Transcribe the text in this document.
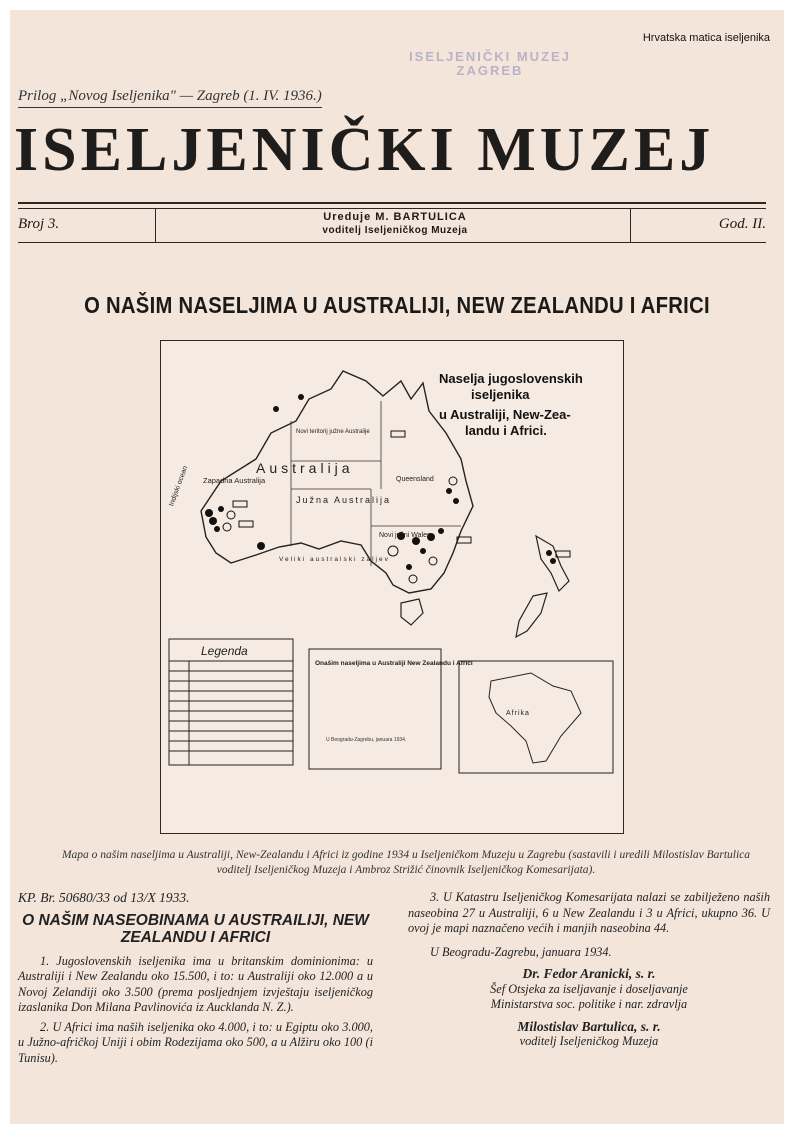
Hrvatska matica iseljenika
ISELJENIČKI MUZEJ
ZAGREB
Prilog „Novog Iseljenika" — Zagreb (1. IV. 1936.)
ISELJENIČKI MUZEJ
Broj 3.	Ureduje M. BARTULICA
voditelj Iseljeničkog Muzeja	God. II.
O NAŠIM NASELJIMA U AUSTRALIJI, NEW ZEALANDU I AFRICI
Australija
Zapadna Australija
Južna Australija
Novi teritorij južne Australije
Queensland
Novi južni Wales
Veliki australski zaljev
Indijski ocean
Naselja jugoslovenskih
iseljenika
u Australiji, New-Zea-
landu i Africi.
Legenda
Onašim naseljima u Australiji New Zealandu i Africi
U Beogradu-Zagrebu, januara 1934.
Afrika
Mapa o našim naseljima u Australiji, New-Zealandu i Africi iz godine 1934 u Iseljeničkom Muzeju u Zagrebu (sastavili i uredili Milostislav Bartulica voditelj Iseljeničkog Muzeja i Ambroz Strižić činovnik Iseljeničkog Komesarijata).
KP. Br. 50680/33 od 13/X 1933.
O NAŠIM NASEOBINAMA U AUSTRAILIJI, NEW ZEALANDU I AFRICI

1. Jugoslovenskih iseljenika ima u britanskim dominionima: u Australiji i New Zealandu oko 15.500, i to: u Australiji oko 12.000 a u Novoj Zelandiji oko 3.500 (prema posljednjem izvještaju iseljeničkog izaslanika Don Milana Pavlinovića iz Aucklanda N. Z.).

2. U Africi ima naših iseljenika oko 4.000, i to: u Egiptu oko 3.000, u Južno-afričkoj Uniji i obim Rodezijama oko 500, a u Alžiru oko 100 (i Tunisu).

3. U Katastru Iseljeničkog Komesarijata nalazi se zabilježeno naših naseobina 27 u Australiji, 6 u New Zealandu i 3 u Africi, ukupno 36. U ovoj je mapi naznačeno većih i manjih naseobina 44.

U Beogradu-Zagrebu, januara 1934.

Dr. Fedor Aranicki, s. r.
Šef Otsjeka za iseljavanje i doseljavanje
Ministarstva soc. politike i nar. zdravlja
Milostislav Bartulica, s. r.
voditelj Iseljeničkog Muzeja
